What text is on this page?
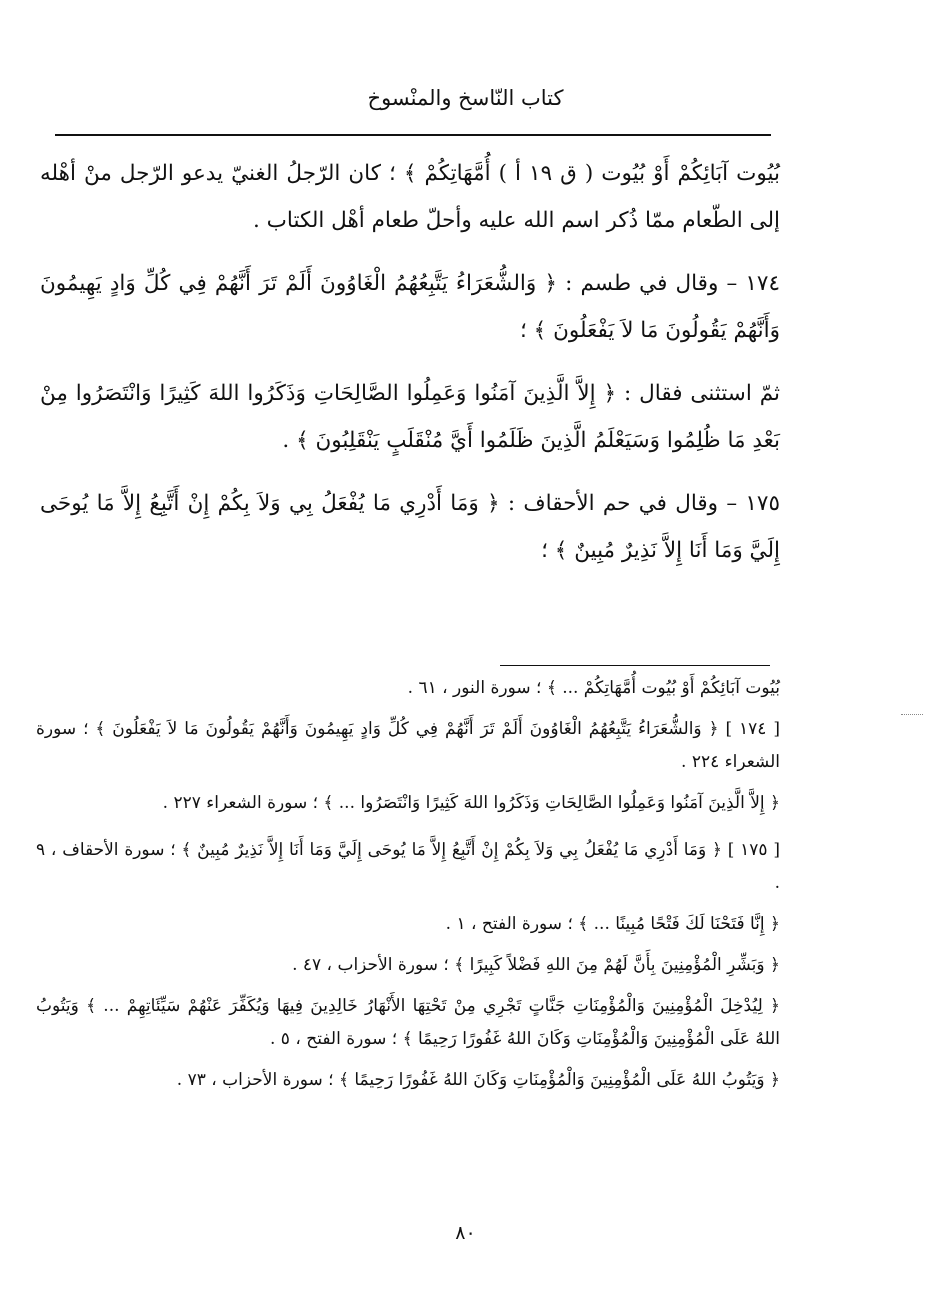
كتاب النّاسخ والمنْسوخ

بُيُوت آبَائِكُمْ أَوْ بُيُوت ( ق ١٩ أ ) أُمَّهَاتِكُمْ ﴾ ؛ كان الرّجلُ الغنيّ يدعو الرّجل منْ أهْله إلى الطّعام ممّا ذُكر اسم الله عليه وأحلّ طعام أهْل الكتاب .

١٧٤ – وقال في طسم : ﴿ وَالشُّعَرَاءُ يَتَّبِعُهُمُ الْغَاوُونَ أَلَمْ تَرَ أَنَّهُمْ فِي كُلِّ وَادٍ يَهِيمُونَ وَأَنَّهُمْ يَقُولُونَ مَا لاَ يَفْعَلُونَ ﴾ ؛

ثمّ استثنى فقال : ﴿ إِلاَّ الَّذِينَ آمَنُوا وَعَمِلُوا الصَّالِحَاتِ وَذَكَرُوا اللهَ كَثِيرًا وَانْتَصَرُوا مِنْ بَعْدِ مَا ظُلِمُوا وَسَيَعْلَمُ الَّذِينَ ظَلَمُوا أَيَّ مُنْقَلَبٍ يَنْقَلِبُونَ ﴾ .

١٧٥ – وقال في حم الأحقاف : ﴿ وَمَا أَدْرِي مَا يُفْعَلُ بِي وَلاَ بِكُمْ إِنْ أَتَّبِعُ إِلاَّ مَا يُوحَى إِلَيَّ وَمَا أَنَا إِلاَّ نَذِيرٌ مُبِينٌ ﴾ ؛

بُيُوت آبَائِكُمْ أَوْ بُيُوت أُمَّهَاتِكُمْ ... ﴾ ؛ سورة النور ، ٦١ .

[ ١٧٤ ] ﴿ وَالشُّعَرَاءُ يَتَّبِعُهُمُ الْغَاوُونَ أَلَمْ تَرَ أَنَّهُمْ فِي كُلِّ وَادٍ يَهِيمُونَ وَأَنَّهُمْ يَقُولُونَ مَا لاَ يَفْعَلُونَ ﴾ ؛ سورة الشعراء ٢٢٤ .

﴿ إِلاَّ الَّذِينَ آمَنُوا وَعَمِلُوا الصَّالِحَاتِ وَذَكَرُوا اللهَ كَثِيرًا وَانْتَصَرُوا ... ﴾ ؛ سورة الشعراء ٢٢٧ .

[ ١٧٥ ] ﴿ وَمَا أَدْرِي مَا يُفْعَلُ بِي وَلاَ بِكُمْ إِنْ أَتَّبِعُ إِلاَّ مَا يُوحَى إِلَيَّ وَمَا أَنَا إِلاَّ نَذِيرٌ مُبِينٌ ﴾ ؛ سورة الأحقاف ، ٩ .

﴿ إِنَّا فَتَحْنَا لَكَ فَتْحًا مُبِينًا ... ﴾ ؛ سورة الفتح ، ١ .

﴿ وَبَشِّرِ الْمُؤْمِنِينَ بِأَنَّ لَهُمْ مِنَ اللهِ فَضْلاً كَبِيرًا ﴾ ؛ سورة الأحزاب ، ٤٧ .

﴿ لِيُدْخِلَ الْمُؤْمِنِينَ وَالْمُؤْمِنَاتِ جَنَّاتٍ تَجْرِي مِنْ تَحْتِهَا الأَنْهَارُ خَالِدِينَ فِيهَا وَيُكَفِّرَ عَنْهُمْ سَيِّئَاتِهِمْ ... ﴾ وَيَتُوبُ اللهُ عَلَى الْمُؤْمِنِينَ وَالْمُؤْمِنَاتِ وَكَانَ اللهُ غَفُورًا رَحِيمًا ﴾ ؛ سورة الفتح ، ٥ .

﴿ وَيَتُوبُ اللهُ عَلَى الْمُؤْمِنِينَ وَالْمُؤْمِنَاتِ وَكَانَ اللهُ غَفُورًا رَحِيمًا ﴾ ؛ سورة الأحزاب ، ٧٣ .

٨٠
